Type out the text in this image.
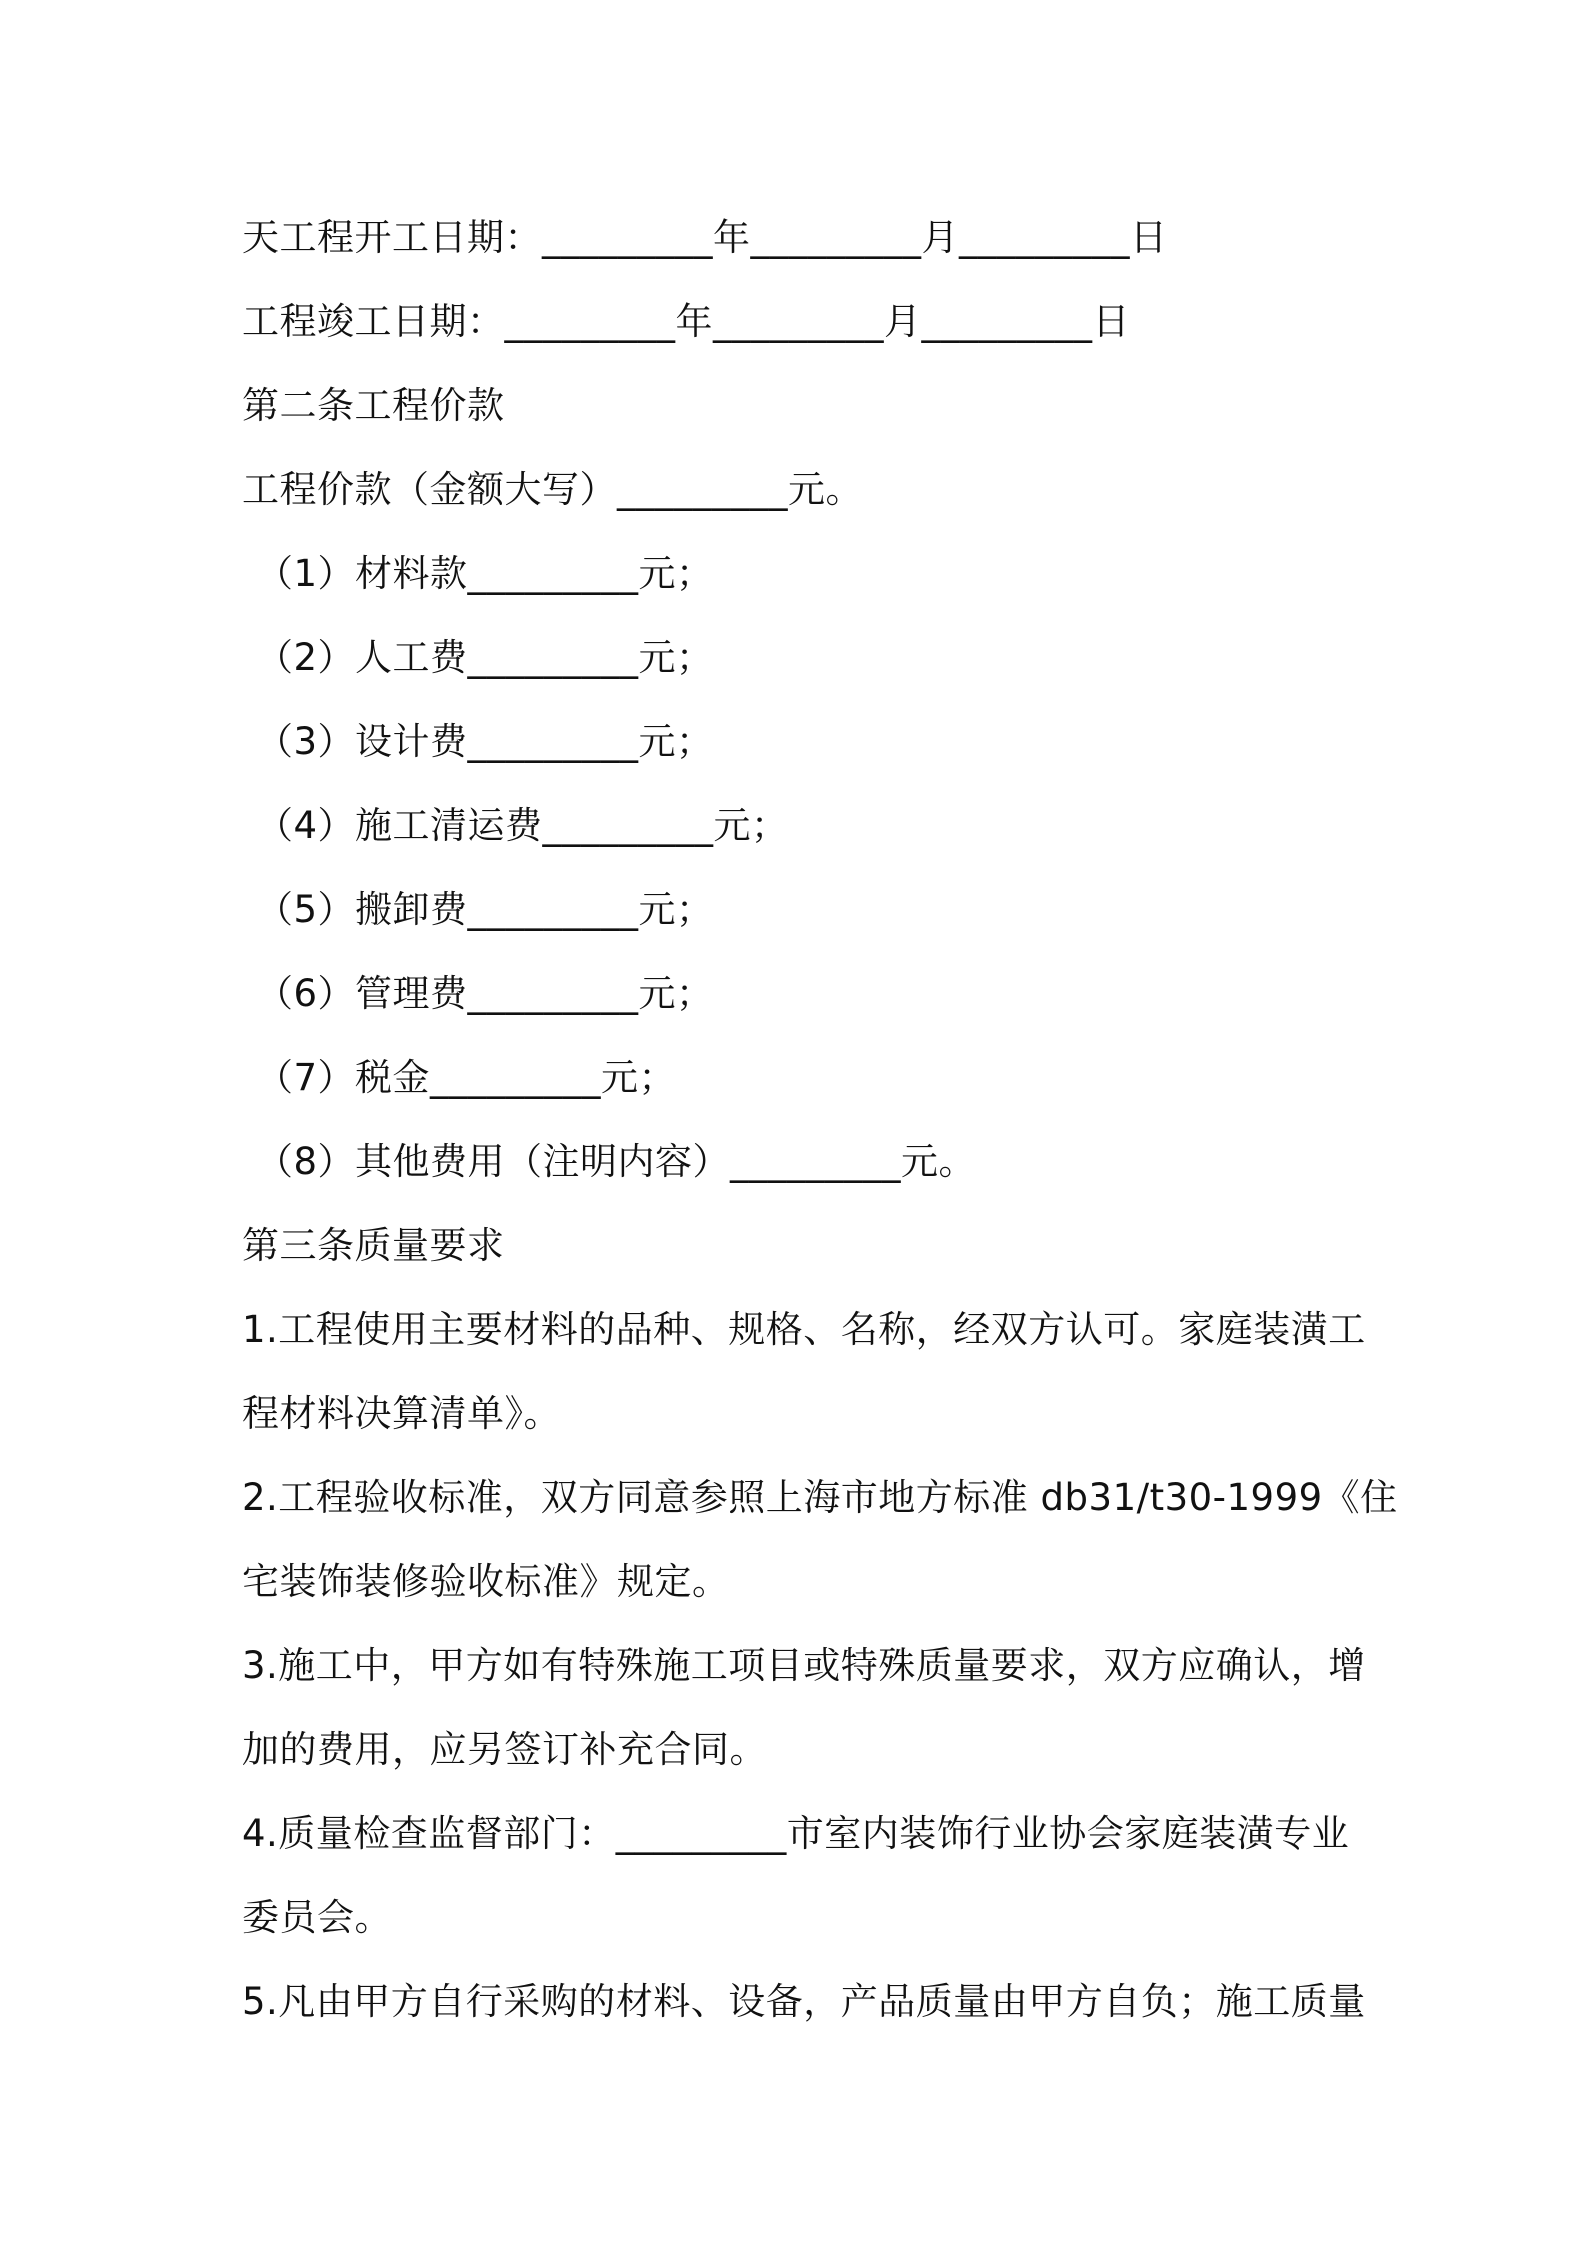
天工程开工日期：_________年_________月_________日
工程竣工日期：_________年_________月_________日
第二条工程价款
工程价款（金额大写）_________元。
（1）材料款_________元；
（2）人工费_________元；
（3）设计费_________元；
（4）施工清运费_________元；
（5）搬卸费_________元；
（6）管理费_________元；
（7）税金_________元；
（8）其他费用（注明内容）_________元。
第三条质量要求
1.工程使用主要材料的品种、规格、名称，经双方认可。家庭装潢工
程材料决算清单》。
2.工程验收标准，双方同意参照上海市地方标准 db31/t30-1999《住
宅装饰装修验收标准》规定。
3.施工中，甲方如有特殊施工项目或特殊质量要求，双方应确认，增
加的费用，应另签订补充合同。
4.质量检查监督部门：_________市室内装饰行业协会家庭装潢专业
委员会。
5.凡由甲方自行采购的材料、设备，产品质量由甲方自负；施工质量
